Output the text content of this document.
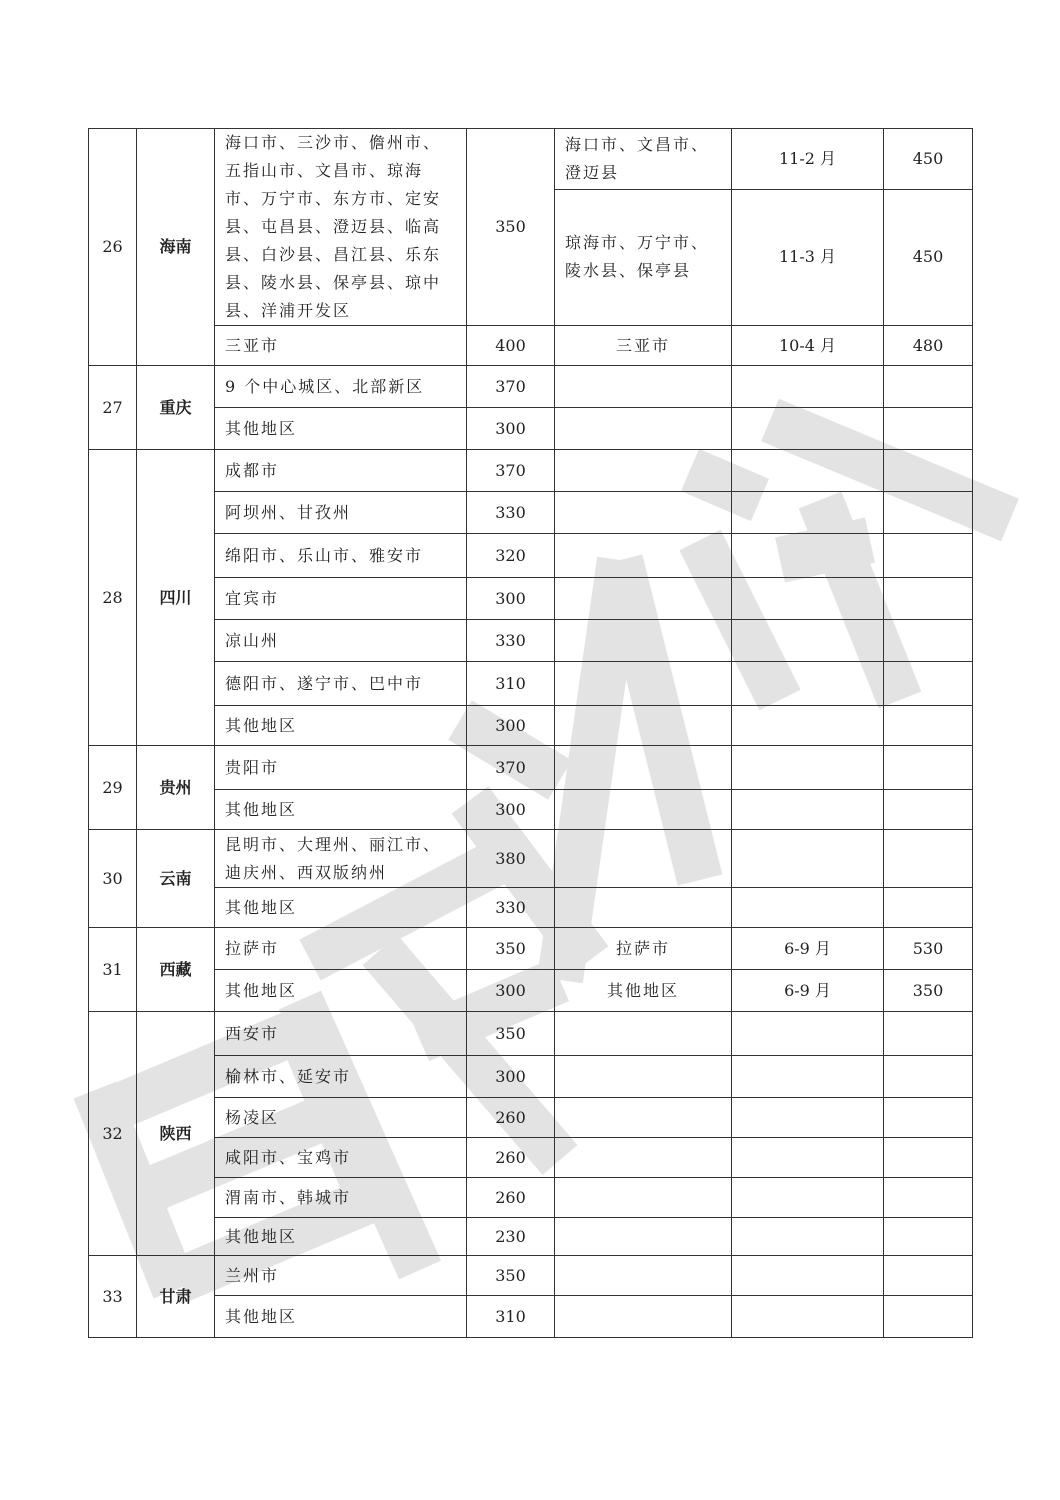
26	海南	海口市、三沙市、儋州市、五指山市、文昌市、琼海市、万宁市、东方市、定安县、屯昌县、澄迈县、临高县、白沙县、昌江县、乐东县、陵水县、保亭县、琼中县、洋浦开发区	350	海口市、文昌市、澄迈县	11-2 月	450
				琼海市、万宁市、陵水县、保亭县	11-3 月	450
		三亚市	400	三亚市	10-4 月	480
27	重庆	9 个中心城区、北部新区	370			
		其他地区	300			
28	四川	成都市	370			
		阿坝州、甘孜州	330			
		绵阳市、乐山市、雅安市	320			
		宜宾市	300			
		凉山州	330			
		德阳市、遂宁市、巴中市	310			
		其他地区	300			
29	贵州	贵阳市	370			
		其他地区	300			
30	云南	昆明市、大理州、丽江市、迪庆州、西双版纳州	380			
		其他地区	330			
31	西藏	拉萨市	350	拉萨市	6-9 月	530
		其他地区	300	其他地区	6-9 月	350
32	陕西	西安市	350			
		榆林市、延安市	300			
		杨凌区	260			
		咸阳市、宝鸡市	260			
		渭南市、韩城市	260			
		其他地区	230			
33	甘肃	兰州市	350			
		其他地区	310			
